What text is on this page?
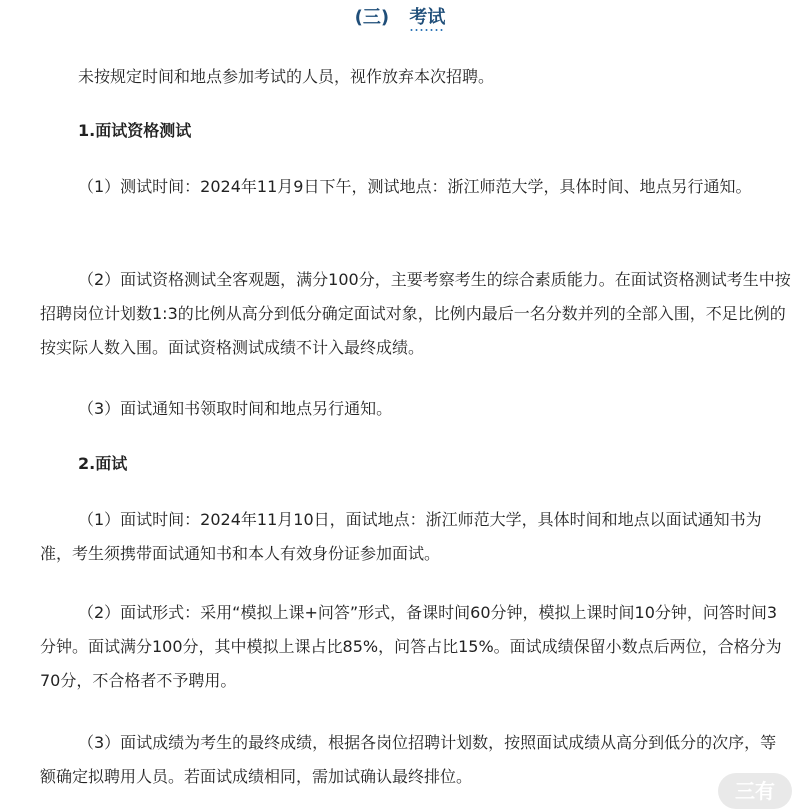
(三) 考试

未按规定时间和地点参加考试的人员，视作放弃本次招聘。

1.面试资格测试

（1）测试时间：2024年11月9日下午，测试地点：浙江师范大学，具体时间、地点另行通知。

（2）面试资格测试全客观题，满分100分，主要考察考生的综合素质能力。在面试资格测试考生中按招聘岗位计划数1:3的比例从高分到低分确定面试对象，比例内最后一名分数并列的全部入围，不足比例的按实际人数入围。面试资格测试成绩不计入最终成绩。

（3）面试通知书领取时间和地点另行通知。

2.面试

（1）面试时间：2024年11月10日，面试地点：浙江师范大学，具体时间和地点以面试通知书为准，考生须携带面试通知书和本人有效身份证参加面试。

（2）面试形式：采用“模拟上课+问答”形式，备课时间60分钟，模拟上课时间10分钟，问答时间3分钟。面试满分100分，其中模拟上课占比85%，问答占比15%。面试成绩保留小数点后两位，合格分为70分，不合格者不予聘用。

（3）面试成绩为考生的最终成绩，根据各岗位招聘计划数，按照面试成绩从高分到低分的次序，等额确定拟聘用人员。若面试成绩相同，需加试确认最终排位。

三有
